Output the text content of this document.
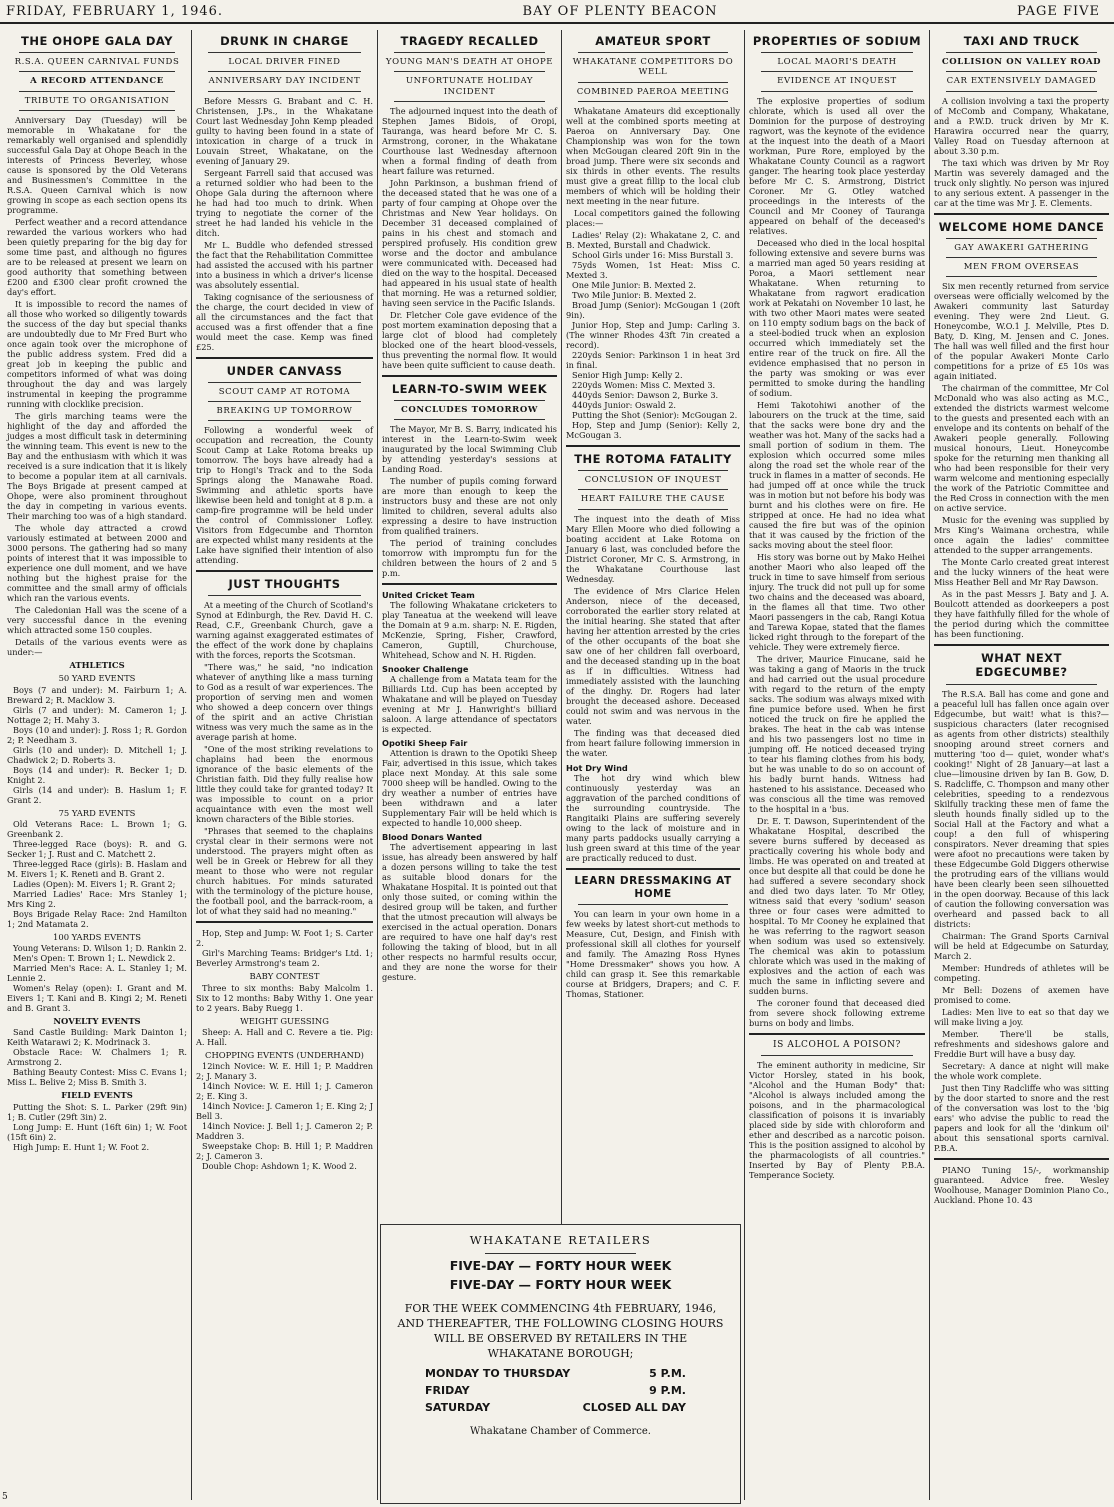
FRIDAY, FEBRUARY 1, 1946.	BAY OF PLENTY BEACON	PAGE FIVE
THE OHOPE GALA DAY
R.S.A. QUEEN CARNIVAL FUNDS
A RECORD ATTENDANCE
TRIBUTE TO ORGANISATION
Anniversary Day (Tuesday) will be memorable in Whakatane for the remarkably well organised and splendidly successful Gala Day at Ohope Beach in the interests of Princess Beverley, whose cause is sponsored by the Old Veterans and Businessmen's Committee in the R.S.A. Queen Carnival which is now growing in scope as each section opens its programme.
Perfect weather and a record attendance rewarded the various workers who had been quietly preparing for the big day for some time past, and although no figures are to be released at present we learn on good authority that something between £200 and £300 clear profit crowned the day's effort.
It is impossible to record the names of all those who worked so diligently towards the success of the day but special thanks are undoubtedly due to Mr Fred Burt who once again took over the microphone of the public address system. Fred did a great job in keeping the public and competitors informed of what was doing throughout the day and was largely instrumental in keeping the programme running with clocklike precision.
The girls marching teams were the highlight of the day and afforded the judges a most difficult task in determining the winning team. This event is new to the Bay and the enthusiasm with which it was received is a sure indication that it is likely to become a popular item at all carnivals. The Boys Brigade at present camped at Ohope, were also prominent throughout the day in competing in various events. Their marching too was of a high standard.
The whole day attracted a crowd variously estimated at between 2000 and 3000 persons. The gathering had so many points of interest that it was impossible to experience one dull moment, and we have nothing but the highest praise for the committee and the small army of officials which ran the various events.
The Caledonian Hall was the scene of a very successful dance in the evening which attracted some 150 couples.
Details of the various events were as under:—
ATHLETICS
50 YARD EVENTS
Boys (7 and under): M. Fairburn 1; A. Breward 2; R. Macklow 3.
Girls (7 and under): M. Cameron 1; J. Nottage 2; H. Mahy 3.
Boys (10 and under): J. Ross 1; R. Gordon 2; P. Needham 3.
Girls (10 and under): D. Mitchell 1; J. Chadwick 2; D. Roberts 3.
Boys (14 and under): R. Becker 1; D. Knight 2.
Girls (14 and under): B. Haslum 1; F. Grant 2.
75 YARD EVENTS
Old Veterans Race: L. Brown 1; G. Greenbank 2.
Three-legged Race (boys): R. and G. Secker 1; J. Rust and C. Matchett 2.
Three-legged Race (girls): B. Haslam and M. Eivers 1; K. Reneti and B. Grant 2.
Ladies (Open): M. Eivers 1; R. Grant 2;
Married Ladies' Race: Mrs Stanley 1; Mrs King 2.
Boys Brigade Relay Race: 2nd Hamilton 1; 2nd Matamata 2.
100 YARDS EVENTS
Young Veterans: D. Wilson 1; D. Rankin 2.
Men's Open: T. Brown 1; L. Newdick 2.
Married Men's Race: A. L. Stanley 1; M. Lennie 2.
Women's Relay (open): I. Grant and M. Eivers 1; T. Kani and B. Kingi 2; M. Reneti and B. Grant 3.
NOVELTY EVENTS
Sand Castle Building: Mark Dainton 1; Keith Watarawi 2; K. Modrinack 3.
Obstacle Race: W. Chalmers 1; R. Armstrong 2.
Bathing Beauty Contest: Miss C. Evans 1; Miss L. Belive 2; Miss B. Smith 3.
FIELD EVENTS
Putting the Shot: S. L. Parker (29ft 9in) 1; B. Cutler (29ft 3in) 2.
Long Jump: E. Hunt (16ft 6in) 1; W. Foot (15ft 6in) 2.
High Jump: E. Hunt 1; W. Foot 2.
DRUNK IN CHARGE
LOCAL DRIVER FINED
ANNIVERSARY DAY INCIDENT
Before Messrs G. Brabant and C. H. Christensen, J.Ps., in the Whakatane Court last Wednesday John Kemp pleaded guilty to having been found in a state of intoxication in charge of a truck in Louvain Street, Whakatane, on the evening of January 29.
Sergeant Farrell said that accused was a returned soldier who had been to the Ohope Gala during the afternoon where he had had too much to drink. When trying to negotiate the corner of the street he had landed his vehicle in the ditch.
Mr L. Buddle who defended stressed the fact that the Rehabilitation Committee had assisted the accused with his partner into a business in which a driver's license was absolutely essential.
Taking cognisance of the seriousness of the charge, the court decided in view of all the circumstances and the fact that accused was a first offender that a fine would meet the case. Kemp was fined £25.
UNDER CANVASS
SCOUT CAMP AT ROTOMA
BREAKING UP TOMORROW
Following a wonderful week of occupation and recreation, the County Scout Camp at Lake Rotoma breaks up tomorrow. The boys have already had a trip to Hongi's Track and to the Soda Springs along the Manawahe Road. Swimming and athletic sports have likewise been held and tonight at 8 p.m. a camp-fire programme will be held under the control of Commissioner Lofley. Visitors from Edgecumbe and Thornton are expected whilst many residents at the Lake have signified their intention of also attending.
JUST THOUGHTS
At a meeting of the Church of Scotland's Synod at Edinburgh, the Rev. David H. C. Read, C.F., Greenbank Church, gave a warning against exaggerated estimates of the effect of the work done by chaplains with the forces, reports the Scotsman.
"There was," he said, "no indication whatever of anything like a mass turning to God as a result of war experiences. The proportion of serving men and women who showed a deep concern over things of the spirit and an active Christian witness was very much the same as in the average parish at home.
"One of the most striking revelations to chaplains had been the enormous ignorance of the basic elements of the Christian faith. Did they fully realise how little they could take for granted today? It was impossible to count on a prior acquaintance with even the most well known characters of the Bible stories.
"Phrases that seemed to the chaplains crystal clear in their sermons were not understood. The prayers might often as well be in Greek or Hebrew for all they meant to those who were not regular church habitues. For minds saturated with the terminology of the picture house, the football pool, and the barrack-room, a lot of what they said had no meaning."
Hop, Step and Jump: W. Foot 1; S. Carter 2.
Girl's Marching Teams: Bridger's Ltd. 1; Beverley Armstrong's team 2.
BABY CONTEST
Three to six months: Baby Malcolm 1. Six to 12 months: Baby Withy 1. One year to 2 years. Baby Ruegg 1.
WEIGHT GUESSING
Sheep: A. Hall and C. Revere a tie. Pig: A. Hall.
CHOPPING EVENTS (UNDERHAND)
12inch Novice: W. E. Hill 1; P. Maddren 2; J. Manary 3.
14inch Novice: W. E. Hill 1; J. Cameron 2; E. King 3.
14inch Novice: J. Cameron 1; E. King 2; J Bell 3.
14inch Novice: J. Bell 1; J. Cameron 2; P. Maddren 3.
Sweepstake Chop: B. Hill 1; P. Maddren 2; J. Cameron 3.
Double Chop: Ashdown 1; K. Wood 2.
TRAGEDY RECALLED
YOUNG MAN'S DEATH AT OHOPE
UNFORTUNATE HOLIDAY INCIDENT
The adjourned inquest into the death of Stephen James Bidois, of Oropi, Tauranga, was heard before Mr C. S. Armstrong, coroner, in the Whakatane Courthouse last Wednesday afternoon when a formal finding of death from heart failure was returned.
John Parkinson, a bushman friend of the deceased stated that he was one of a party of four camping at Ohope over the Christmas and New Year holidays. On December 31 deceased complained of pains in his chest and stomach and perspired profusely. His condition grew worse and the doctor and ambulance were communicated with. Deceased had died on the way to the hospital. Deceased had appeared in his usual state of health that morning. He was a returned soldier, having seen service in the Pacific Islands.
Dr. Fletcher Cole gave evidence of the post mortem examination deposing that a large clot of blood had completely blocked one of the heart blood-vessels, thus preventing the normal flow. It would have been quite sufficient to cause death.
LEARN-TO-SWIM WEEK
CONCLUDES TOMORROW
The Mayor, Mr B. S. Barry, indicated his interest in the Learn-to-Swim week inaugurated by the local Swimming Club by attending yesterday's sessions at Landing Road.
The number of pupils coming forward are more than enough to keep the instructors busy and these are not only limited to children, several adults also expressing a desire to have instruction from qualified trainers.
The period of training concludes tomorrow with impromptu fun for the children between the hours of 2 and 5 p.m.
United Cricket Team
The following Whakatane cricketers to play Taneatua at the weekend will leave the Domain at 9 a.m. sharp: N. E. Rigden, McKenzie, Spring, Fisher, Crawford, Cameron, Guptill, Churchouse, Whitehead, Schow and N. H. Rigden.
Snooker Challenge
A challenge from a Matata team for the Billiards Ltd. Cup has been accepted by Whakatane and will be played on Tuesday evening at Mr J. Hanwright's billiard saloon. A large attendance of spectators is expected.
Opotiki Sheep Fair
Attention is drawn to the Opotiki Sheep Fair, advertised in this issue, which takes place next Monday. At this sale some 7000 sheep will be handled. Owing to the dry weather a number of entries have been withdrawn and a later Supplementary Fair will be held which is expected to handle 10,000 sheep.
Blood Donars Wanted
The advertisement appearing in last issue, has already been answered by half a dozen persons willing to take the test as suitable blood donars for the Whakatane Hospital. It is pointed out that only those suited, or coming within the desired group will be taken, and further that the utmost precaution will always be exercised in the actual operation. Donars are required to have one half day's rest following the taking of blood, but in all other respects no harmful results occur, and they are none the worse for their gesture.
AMATEUR SPORT
WHAKATANE COMPETITORS DO WELL
COMBINED PAEROA MEETING
Whakatane Amateurs did exceptionally well at the combined sports meeting at Paeroa on Anniversary Day. One Championship was won for the town when McGougan cleared 20ft 9in in the broad jump. There were six seconds and six thirds in other events. The results must give a great fillip to the local club members of which will be holding their next meeting in the near future.
Local competitors gained the following places:—
Ladies' Relay (2): Whakatane 2, C. and B. Mexted, Burstall and Chadwick.
School Girls under 16: Miss Burstall 3.
75yds Women, 1st Heat: Miss C. Mexted 3.
One Mile Junior: B. Mexted 2.
Two Mile Junior: B. Mexted 2.
Broad Jump (Senior): McGougan 1 (20ft 9in).
Junior Hop, Step and Jump: Carling 3. (The winner Rhodes 43ft 7in created a record).
220yds Senior: Parkinson 1 in heat 3rd in final.
Senior High Jump: Kelly 2.
220yds Women: Miss C. Mexted 3.
440yds Senior: Dawson 2, Burke 3.
440yds Junior: Oswald 2.
Putting the Shot (Senior): McGougan 2.
Hop, Step and Jump (Senior): Kelly 2, McGougan 3.
THE ROTOMA FATALITY
CONCLUSION OF INQUEST
HEART FAILURE THE CAUSE
The inquest into the death of Miss Mary Ellen Moore who died following a boating accident at Lake Rotoma on January 6 last, was concluded before the District Coroner, Mr C. S. Armstrong, in the Whakatane Courthouse last Wednesday.
The evidence of Mrs Clarice Helen Anderson, niece of the deceased, corroborated the earlier story related at the initial hearing. She stated that after having her attention arrested by the cries of the other occupants of the boat she saw one of her children fall overboard, and the deceased standing up in the boat as if in difficulties. Witness had immediately assisted with the launching of the dinghy. Dr. Rogers had later brought the deceased ashore. Deceased could not swim and was nervous in the water.
The finding was that deceased died from heart failure following immersion in the water.
Hot Dry Wind
The hot dry wind which blew continuously yesterday was an aggravation of the parched conditions of the surrounding countryside. The Rangitaiki Plains are suffering severely owing to the lack of moisture and in many parts paddocks usually carrying a lush green sward at this time of the year are practically reduced to dust.
LEARN DRESSMAKING AT HOME
You can learn in your own home in a few weeks by latest short-cut methods to Measure, Cut, Design, and Finish with professional skill all clothes for yourself and family. The Amazing Ross Hynes "Home Dressmaker" shows you how. A child can grasp it. See this remarkable course at Bridgers, Drapers; and C. F. Thomas, Stationer.
PROPERTIES OF SODIUM
LOCAL MAORI'S DEATH
EVIDENCE AT INQUEST
The explosive properties of sodium chlorate, which is used all over the Dominion for the purpose of destroying ragwort, was the keynote of the evidence at the inquest into the death of a Maori workman, Pure Rore, employed by the Whakatane County Council as a ragwort ganger. The hearing took place yesterday before Mr C. S. Armstrong, District Coroner. Mr G. Otley watched proceedings in the interests of the Council and Mr Cooney of Tauranga appeared on behalf of the deceased's relatives.
Deceased who died in the local hospital following extensive and severe burns was a married man aged 50 years residing at Poroa, a Maori settlement near Whakatane. When returning to Whakatane from ragwort eradication work at Pekatahi on November 10 last, he with two other Maori mates were seated on 110 empty sodium bags on the back of a steel-bodied truck when an explosion occurred which immediately set the entire rear of the truck on fire. All the evidence emphasised that no person in the party was smoking or was ever permitted to smoke during the handling of sodium.
Hemi Takotohiwi another of the labourers on the truck at the time, said that the sacks were bone dry and the weather was hot. Many of the sacks had a small portion of sodium in them. The explosion which occurred some miles along the road set the whole rear of the truck in flames in a matter of seconds. He had jumped off at once while the truck was in motion but not before his body was burnt and his clothes were on fire. He stripped at once. He had no idea what caused the fire but was of the opinion that it was caused by the friction of the sacks moving about the steel floor.
His story was borne out by Mako Heihei another Maori who also leaped off the truck in time to save himself from serious injury. The truck did not pull up for some two chains and the deceased was aboard, in the flames all that time. Two other Maori passengers in the cab, Rangi Kotua and Tarewa Kopae, stated that the flames licked right through to the forepart of the vehicle. They were extremely fierce.
The driver, Maurice Finucane, said he was taking a gang of Maoris in the truck and had carried out the usual procedure with regard to the return of the empty sacks. The sodium was always mixed with fine pumice before used. When he first noticed the truck on fire he applied the brakes. The heat in the cab was intense and his two passengers lost no time in jumping off. He noticed deceased trying to tear his flaming clothes from his body, but he was unable to do so on account of his badly burnt hands. Witness had hastened to his assistance. Deceased who was conscious all the time was removed to the hospital in a 'bus.
Dr. E. T. Dawson, Superintendent of the Whakatane Hospital, described the severe burns suffered by deceased as practically covering his whole body and limbs. He was operated on and treated at once but despite all that could be done he had suffered a severe secondary shock and died two days later. To Mr Otley, witness said that every 'sodium' season three or four cases were admitted to hospital. To Mr Cooney he explained that he was referring to the ragwort season when sodium was used so extensively. The chemical was akin to potassium chlorate which was used in the making of explosives and the action of each was much the same in inflicting severe and sudden burns.
The coroner found that deceased died from severe shock following extreme burns on body and limbs.
IS ALCOHOL A POISON?
The eminent authority in medicine, Sir Victor Horsley, stated in his book, "Alcohol and the Human Body" that: "Alcohol is always included among the poisons, and in the pharmacological classification of poisons it is invariably placed side by side with chloroform and ether and described as a narcotic poison. This is the position assigned to alcohol by the pharmacologists of all countries." Inserted by Bay of Plenty P.B.A. Temperance Society.
TAXI AND TRUCK
COLLISION ON VALLEY ROAD
CAR EXTENSIVELY DAMAGED
A collision involving a taxi the property of McComb and Company, Whakatane, and a P.W.D. truck driven by Mr K. Harawira occurred near the quarry, Valley Road on Tuesday afternoon at about 3.30 p.m.
The taxi which was driven by Mr Roy Martin was severely damaged and the truck only slightly. No person was injured to any serious extent. A passenger in the car at the time was Mr J. E. Clements.
WELCOME HOME DANCE
GAY AWAKERI GATHERING
MEN FROM OVERSEAS
Six men recently returned from service overseas were officially welcomed by the Awakeri community last Saturday evening. They were 2nd Lieut. G. Honeycombe, W.O.1 J. Melville, Ptes D. Baty, D. King, M. Jensen and C. Jones. The hall was well filled and the first hour of the popular Awakeri Monte Carlo competitions for a prize of £5 10s was again initiated.
The chairman of the committee, Mr Col McDonald who was also acting as M.C., extended the districts warmest welcome to the guests and presented each with an envelope and its contents on behalf of the Awakeri people generally. Following musical honours, Lieut. Honeycombe spoke for the returning men thanking all who had been responsible for their very warm welcome and mentioning especially the work of the Patriotic Committee and the Red Cross in connection with the men on active service.
Music for the evening was supplied by Mrs King's Waimana orchestra, while once again the ladies' committee attended to the supper arrangements.
The Monte Carlo created great interest and the lucky winners of the heat were Miss Heather Bell and Mr Ray Dawson.
As in the past Messrs J. Baty and J. A. Boulcott attended as doorkeepers a post they have faithfully filled for the whole of the period during which the committee has been functioning.
WHAT NEXT EDGECUMBE?
The R.S.A. Ball has come and gone and a peaceful lull has fallen once again over Edgecumbe, but wait! what is this?—suspicious characters (later recognised as agents from other districts) stealthily snooping around street corners and muttering 'too d— quiet, wonder what's cooking!' Night of 28 January—at last a clue—limousine driven by Ian B. Gow, D. S. Radcliffe, C. Thompson and many other celebrities, speeding to a rendezvous Skilfully tracking these men of fame the sleuth hounds finally sidled up to the Social Hall at the Factory and what a coup! a den full of whispering conspirators. Never dreaming that spies were afoot no precautions were taken by these Edgecumbe Gold Diggers otherwise the protruding ears of the villians would have been clearly been seen silhouetted in the open doorway. Because of this lack of caution the following conversation was overheard and passed back to all districts:
Chairman: The Grand Sports Carnival will be held at Edgecumbe on Saturday, March 2.
Member: Hundreds of athletes will be competing.
Mr Bell: Dozens of axemen have promised to come.
Ladies: Men live to eat so that day we will make living a joy.
Member. There'll be stalls, refreshments and sideshows galore and Freddie Burt will have a busy day.
Secretary: A dance at night will make the whole work complete.
Just then Tiny Radcliffe who was sitting by the door started to snore and the rest of the conversation was lost to the 'big ears' who advise the public to read the papers and look for all the 'dinkum oil' about this sensational sports carnival. P.B.A.
PIANO Tuning 15/-, workmanship guaranteed. Advice free. Wesley Woolhouse, Manager Dominion Piano Co., Auckland. Phone 10. 43
WHAKATANE RETAILERS
FIVE-DAY — FORTY HOUR WEEK
FIVE-DAY — FORTY HOUR WEEK
FOR THE WEEK COMMENCING 4th FEBRUARY, 1946, AND THEREAFTER, THE FOLLOWING CLOSING HOURS WILL BE OBSERVED BY RETAILERS IN THE WHAKATANE BOROUGH;
MONDAY TO THURSDAY	5 P.M.
FRIDAY	9 P.M.
SATURDAY	CLOSED ALL DAY
Whakatane Chamber of Commerce.
5
